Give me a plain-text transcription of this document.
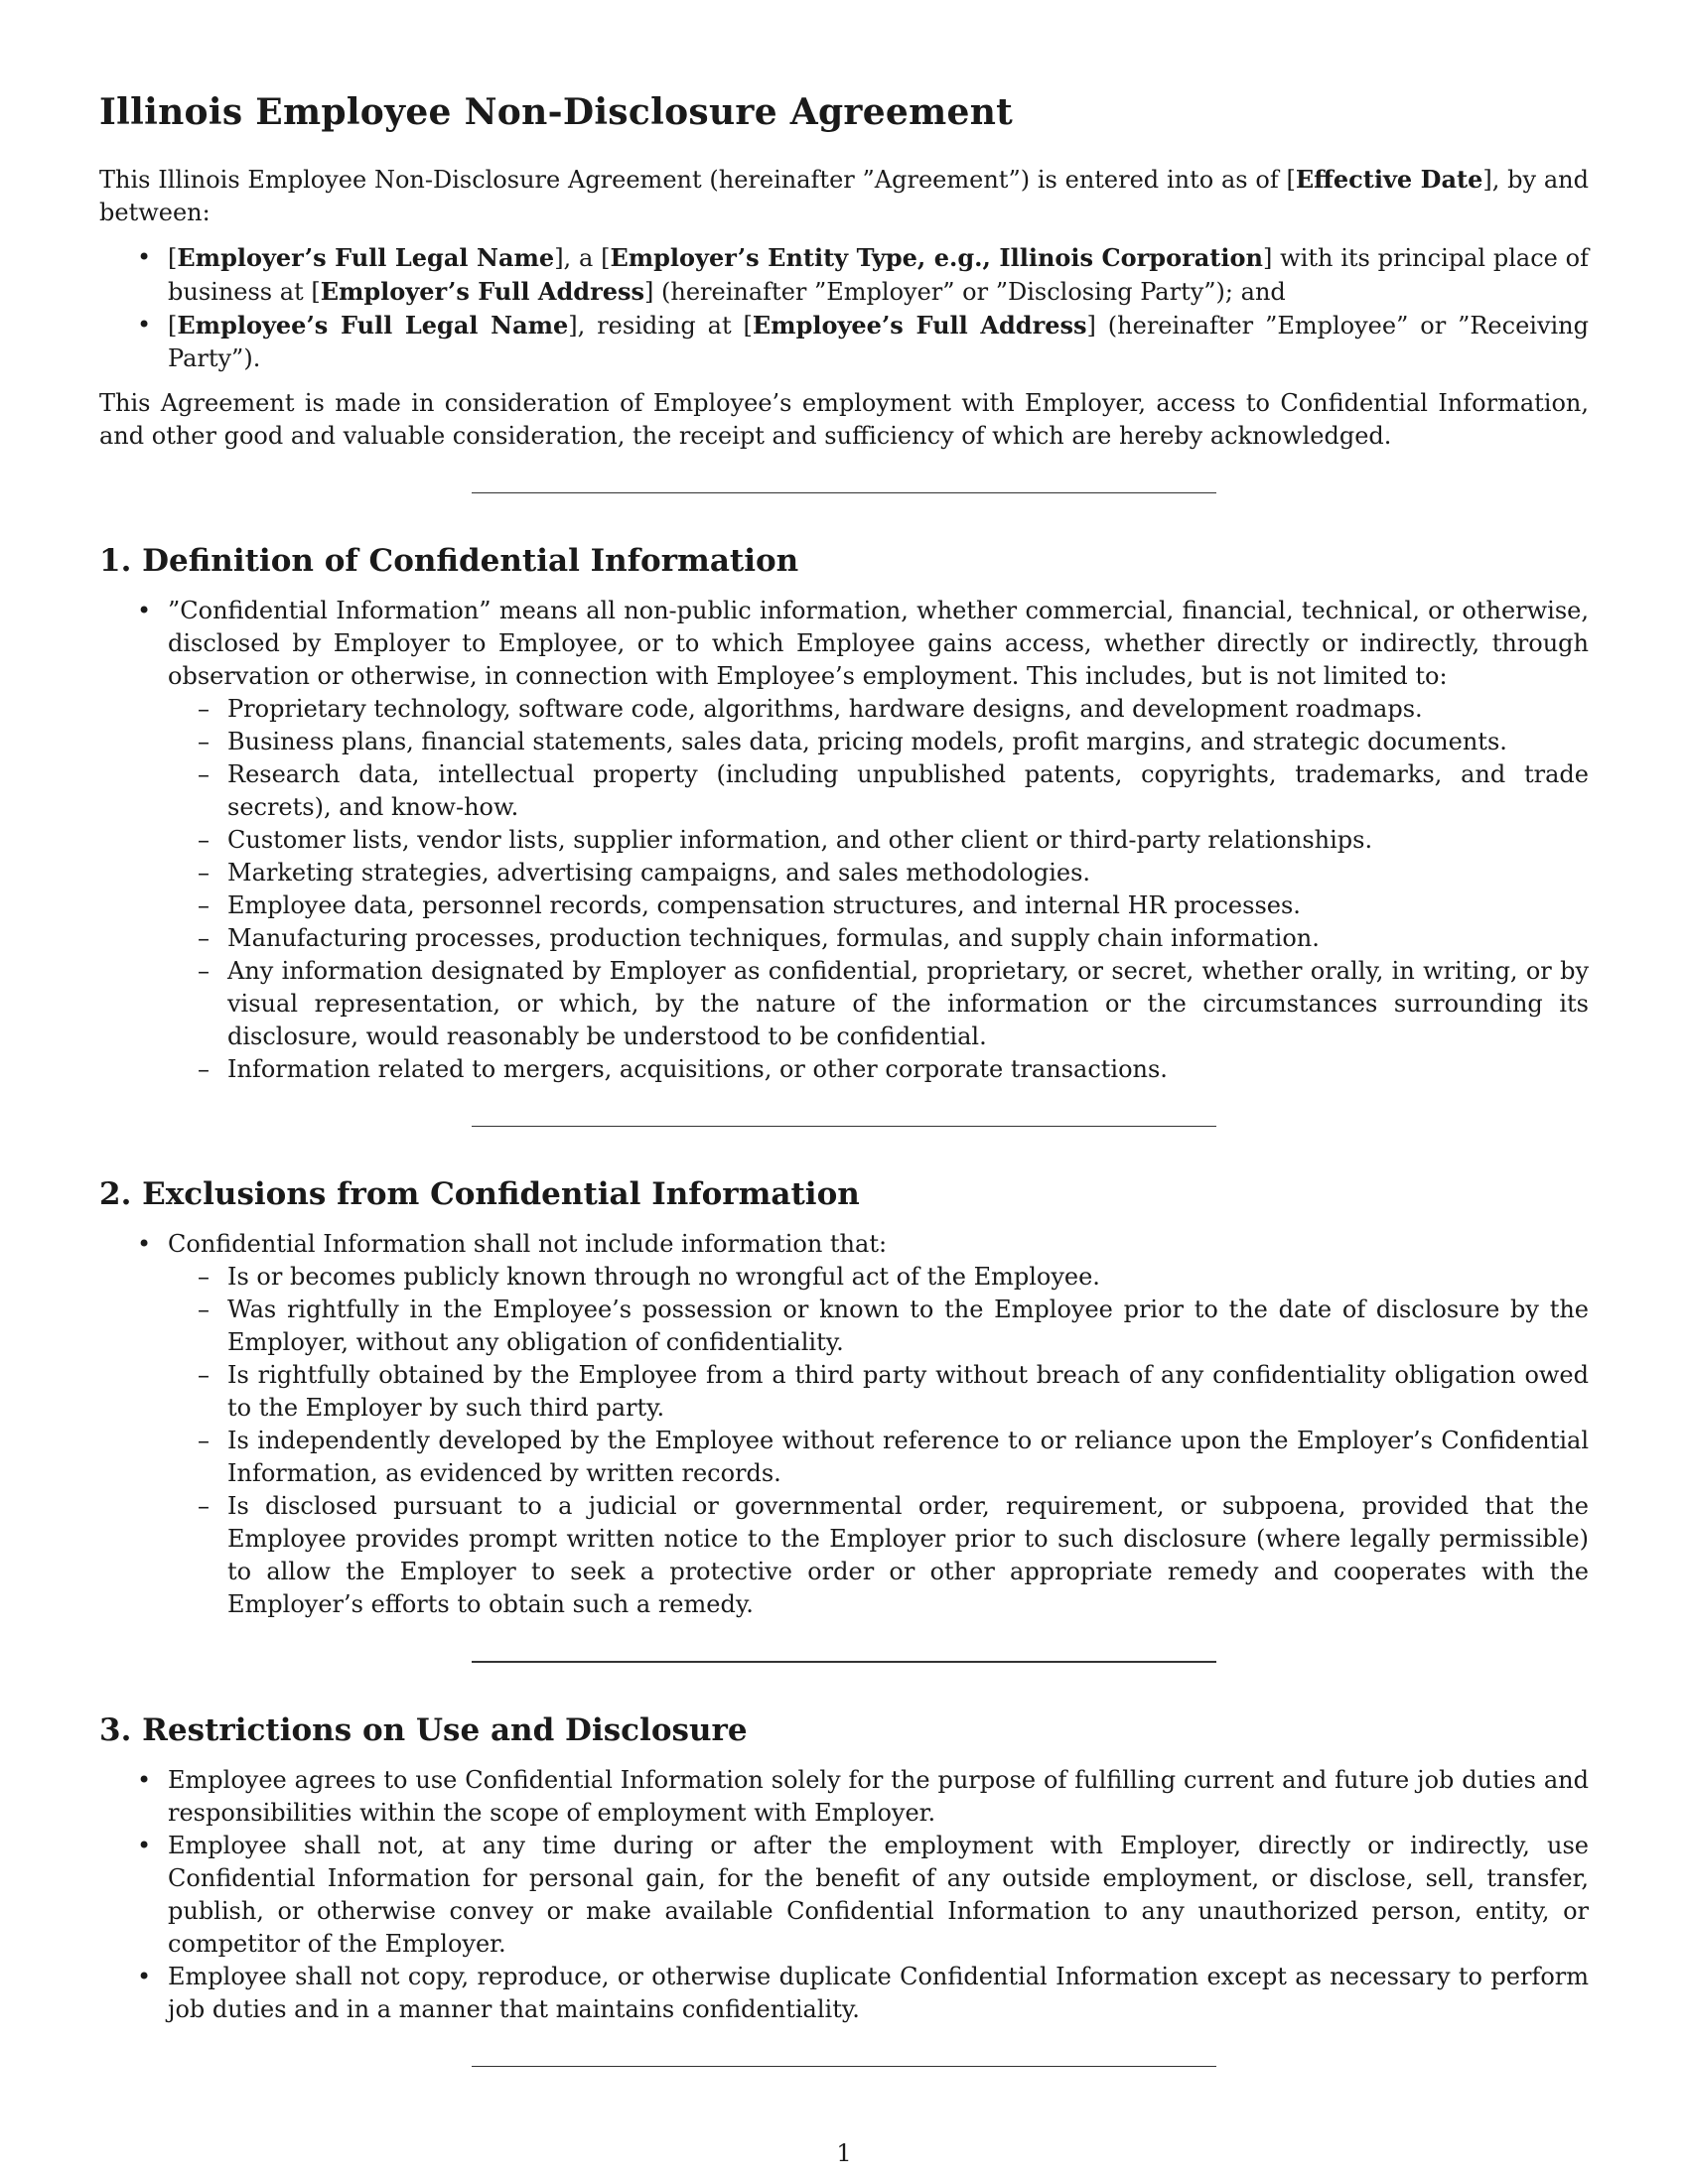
Illinois Employee Non-Disclosure Agreement

This Illinois Employee Non-Disclosure Agreement (hereinafter ”Agreement”) is entered into as of [Effective Date], by and between:

• [Employer’s Full Legal Name], a [Employer’s Entity Type, e.g., Illinois Corporation] with its principal place of business at [Employer’s Full Address] (hereinafter ”Employer” or ”Disclosing Party”); and
• [Employee’s Full Legal Name], residing at [Employee’s Full Address] (hereinafter ”Employee” or ”Receiving Party”).

This Agreement is made in consideration of Employee’s employment with Employer, access to Confidential Information, and other good and valuable consideration, the receipt and sufficiency of which are hereby acknowledged.

1. Definition of Confidential Information
• ”Confidential Information” means all non-public information, whether commercial, financial, technical, or otherwise, disclosed by Employer to Employee, or to which Employee gains access, whether directly or indirectly, through observation or otherwise, in connection with Employee’s employment. This includes, but is not limited to:
– Proprietary technology, software code, algorithms, hardware designs, and development roadmaps.
– Business plans, financial statements, sales data, pricing models, profit margins, and strategic documents.
– Research data, intellectual property (including unpublished patents, copyrights, trademarks, and trade secrets), and know-how.
– Customer lists, vendor lists, supplier information, and other client or third-party relationships.
– Marketing strategies, advertising campaigns, and sales methodologies.
– Employee data, personnel records, compensation structures, and internal HR processes.
– Manufacturing processes, production techniques, formulas, and supply chain information.
– Any information designated by Employer as confidential, proprietary, or secret, whether orally, in writing, or by visual representation, or which, by the nature of the information or the circumstances surrounding its disclosure, would reasonably be understood to be confidential.
– Information related to mergers, acquisitions, or other corporate transactions.
2. Exclusions from Confidential Information
• Confidential Information shall not include information that:
– Is or becomes publicly known through no wrongful act of the Employee.
– Was rightfully in the Employee’s possession or known to the Employee prior to the date of disclosure by the Employer, without any obligation of confidentiality.
– Is rightfully obtained by the Employee from a third party without breach of any confidentiality obligation owed to the Employer by such third party.
– Is independently developed by the Employee without reference to or reliance upon the Employer’s Confidential Information, as evidenced by written records.
– Is disclosed pursuant to a judicial or governmental order, requirement, or subpoena, provided that the Employee provides prompt written notice to the Employer prior to such disclosure (where legally permissible) to allow the Employer to seek a protective order or other appropriate remedy and cooperates with the Employer’s efforts to obtain such a remedy.
3. Restrictions on Use and Disclosure
• Employee agrees to use Confidential Information solely for the purpose of fulfilling current and future job duties and responsibilities within the scope of employment with Employer.
• Employee shall not, at any time during or after the employment with Employer, directly or indirectly, use Confidential Information for personal gain, for the benefit of any outside employment, or disclose, sell, transfer, publish, or otherwise convey or make available Confidential Information to any unauthorized person, entity, or competitor of the Employer.
• Employee shall not copy, reproduce, or otherwise duplicate Confidential Information except as necessary to perform job duties and in a manner that maintains confidentiality.
1
